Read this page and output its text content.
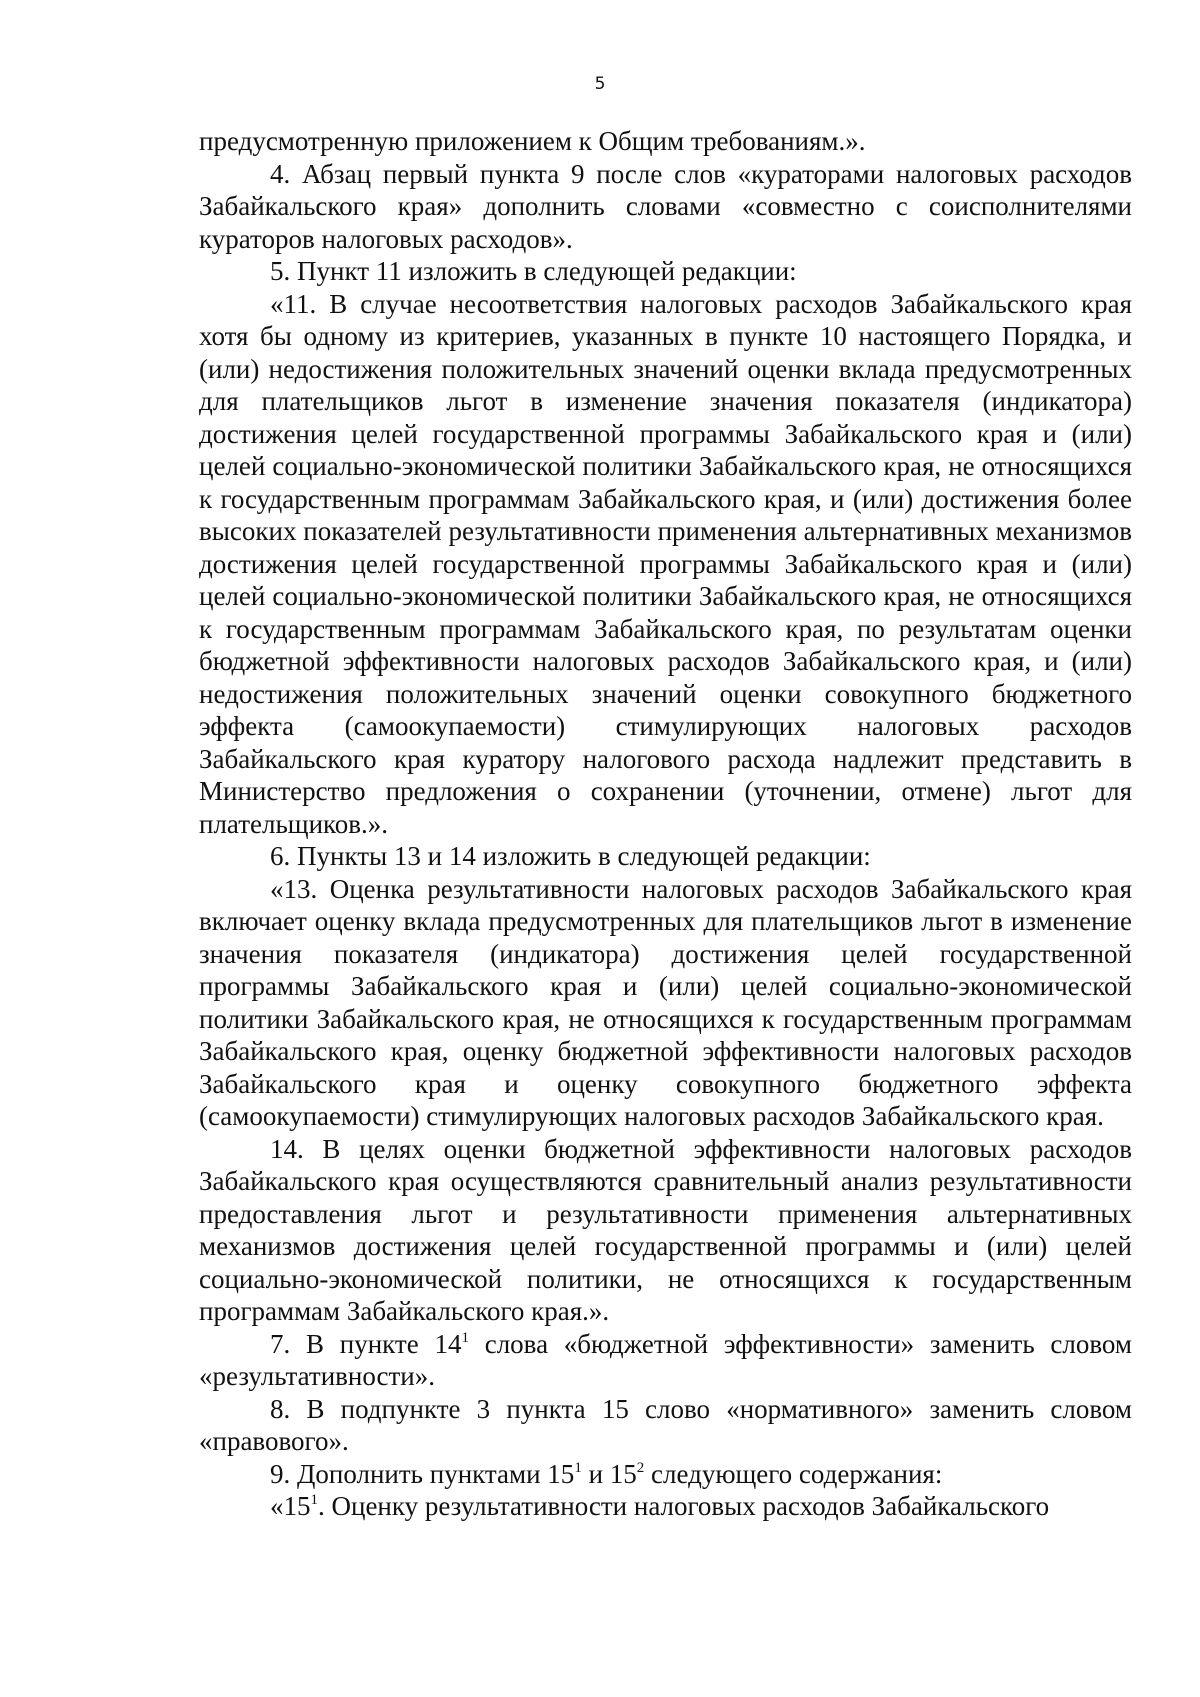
5

предусмотренную приложением к Общим требованиям.».

4. Абзац первый пункта 9 после слов «кураторами налоговых расходов Забайкальского края» дополнить словами «совместно с соисполнителями кураторов налоговых расходов».

5. Пункт 11 изложить в следующей редакции:

«11. В случае несоответствия налоговых расходов Забайкальского края хотя бы одному из критериев, указанных в пункте 10 настоящего Порядка, и (или) недостижения положительных значений оценки вклада предусмотренных для плательщиков льгот в изменение значения показателя (индикатора) достижения целей государственной программы Забайкальского края и (или) целей социально-экономической политики Забайкальского края, не относящихся к государственным программам Забайкальского края, и (или) достижения более высоких показателей результативности применения альтернативных механизмов достижения целей государственной программы Забайкальского края и (или) целей социально-экономической политики Забайкальского края, не относящихся к государственным программам Забайкальского края, по результатам оценки бюджетной эффективности налоговых расходов Забайкальского края, и (или) недостижения положительных значений оценки совокупного бюджетного эффекта (самоокупаемости) стимулирующих налоговых расходов Забайкальского края куратору налогового расхода надлежит представить в Министерство предложения о сохранении (уточнении, отмене) льгот для плательщиков.».

6. Пункты 13 и 14 изложить в следующей редакции:

«13. Оценка результативности налоговых расходов Забайкальского края включает оценку вклада предусмотренных для плательщиков льгот в изменение значения показателя (индикатора) достижения целей государственной программы Забайкальского края и (или) целей социально-экономической политики Забайкальского края, не относящихся к государственным программам Забайкальского края, оценку бюджетной эффективности налоговых расходов Забайкальского края и оценку совокупного бюджетного эффекта (самоокупаемости) стимулирующих налоговых расходов Забайкальского края.

14. В целях оценки бюджетной эффективности налоговых расходов Забайкальского края осуществляются сравнительный анализ результативности предоставления льгот и результативности применения альтернативных механизмов достижения целей государственной программы и (или) целей социально-экономической политики, не относящихся к государственным программам Забайкальского края.».

7. В пункте $14^1$ слова «бюджетной эффективности» заменить словом «результативности».

8. В подпункте 3 пункта 15 слово «нормативного» заменить словом «правового».

9. Дополнить пунктами $15^1$ и $15^2$ следующего содержания:

«$15^1$. Оценку результативности налоговых расходов Забайкальского
